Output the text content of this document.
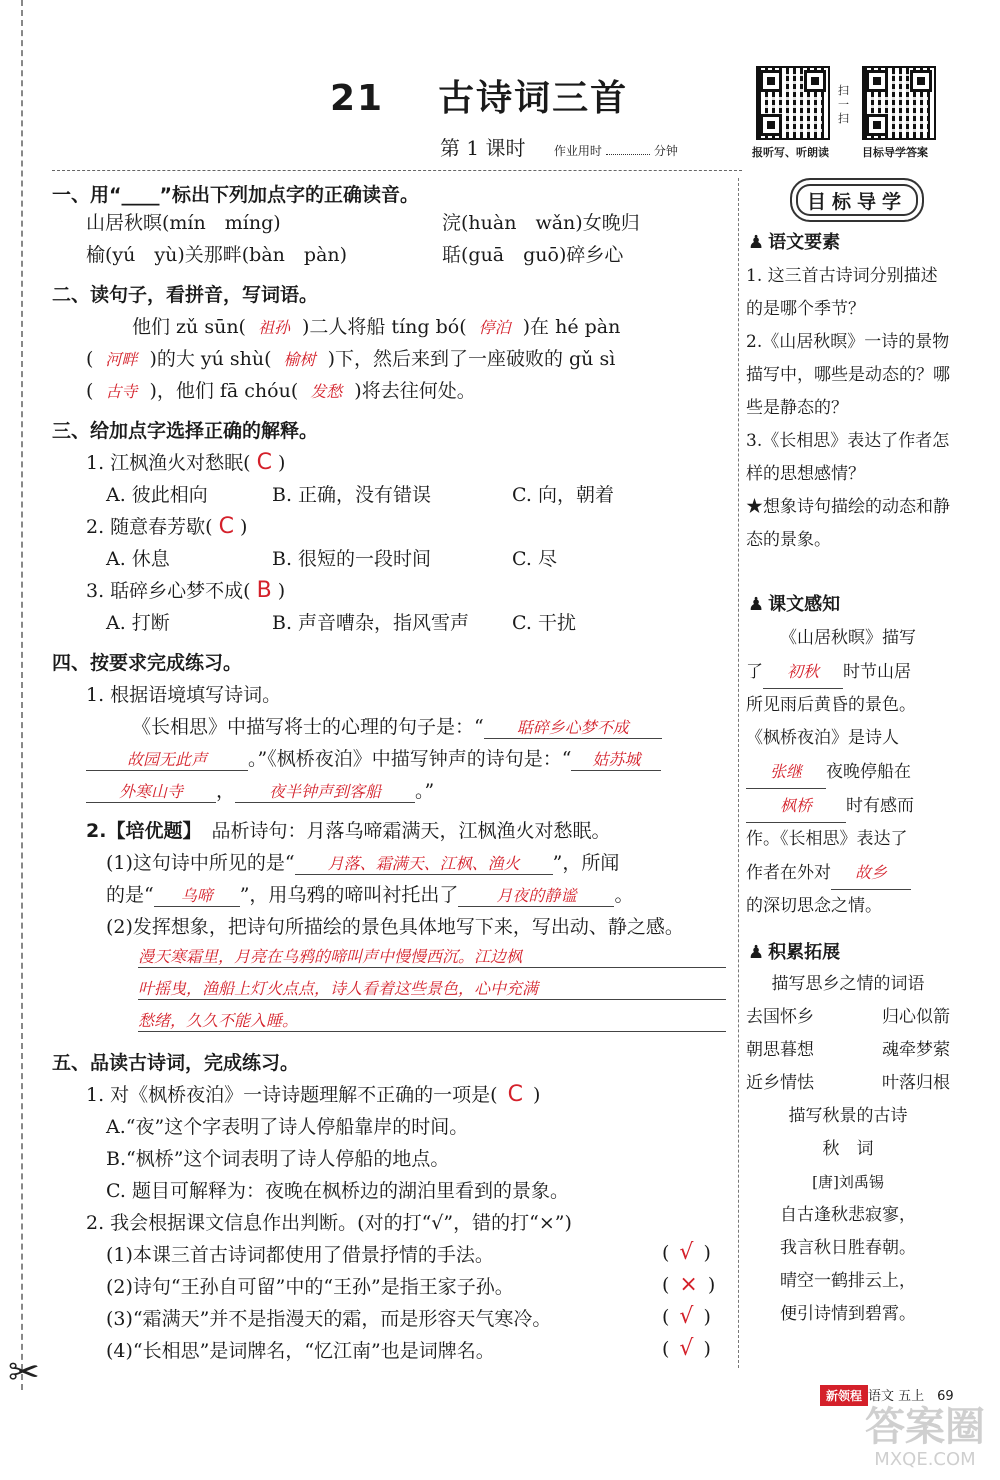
✂
21 古诗词三首
第 1 课时 作业用时	分钟
扫一扫
报听写、听朗读	目标导学答案
一、用“____”标出下列加点字的正确读音。
山居秋暝(mín　míng)	浣(huàn　wǎn)女晚归
榆(yú　yù)关那畔(bàn　pàn)	聒(guā　guō)碎乡心
二、读句子，看拼音，写词语。
他们 zǔ sūn( 祖孙 )二人将船 tíng bó( 停泊 )在 hé pàn
( 河畔 )的大 yú shù( 榆树 )下，然后来到了一座破败的 gǔ sì
( 古寺 )，他们 fā chóu( 发愁 )将去往何处。
三、给加点字选择正确的解释。
1. 江枫渔火对愁眠( C )
A. 彼此相向	B. 正确，没有错误	C. 向，朝着
2. 随意春芳歇( C )
A. 休息	B. 很短的一段时间	C. 尽
3. 聒碎乡心梦不成( B )
A. 打断	B. 声音嘈杂，指风雪声 C. 干扰
四、按要求完成练习。
1. 根据语境填写诗词。
《长相思》中描写将士的心理的句子是：“ 聒碎乡心梦不成
故园无此声 。”《枫桥夜泊》中描写钟声的诗句是：“ 姑苏城
外寒山寺 ， 夜半钟声到客船 。”
2.【培优题】 品析诗句：月落乌啼霜满天，江枫渔火对愁眠。
(1)这句诗中所见的是“ 月落、霜满天、江枫、渔火 ”，所闻
的是“ 乌啼 ”，用乌鸦的啼叫衬托出了 月夜的静谧 。
(2)发挥想象，把诗句所描绘的景色具体地写下来，写出动、静之感。
漫天寒霜里，月亮在乌鸦的啼叫声中慢慢西沉。江边枫
叶摇曳，渔船上灯火点点，诗人看着这些景色，心中充满
愁绪，久久不能入睡。
五、品读古诗词，完成练习。
1. 对《枫桥夜泊》一诗诗题理解不正确的一项是( C )
A.“夜”这个字表明了诗人停船靠岸的时间。
B.“枫桥”这个词表明了诗人停船的地点。
C. 题目可解释为：夜晚在枫桥边的湖泊里看到的景象。
2. 我会根据课文信息作出判断。(对的打“√”，错的打“×”)
(1)本课三首古诗词都使用了借景抒情的手法。	( √ )
(2)诗句“王孙自可留”中的“王孙”是指王家子孙。	( × )
(3)“霜满天”并不是指漫天的霜，而是形容天气寒冷。	( √ )
(4)“长相思”是词牌名，“忆江南”也是词牌名。	( √ )
目标导学
♟ 语文要素
1. 这三首古诗词分别描述的是哪个季节？
2.《山居秋暝》一诗的景物描写中，哪些是动态的？哪些是静态的？
3.《长相思》表达了作者怎样的思想感情？
★想象诗句描绘的动态和静态的景象。
♟ 课文感知
《山居秋暝》描写
了 初秋 时节山居
所见雨后黄昏的景色。
《枫桥夜泊》是诗人
张继 夜晚停船在
枫桥 时有感而
作。《长相思》表达了
作者在外对 故乡
的深切思念之情。
♟ 积累拓展
描写思乡之情的词语
去国怀乡	归心似箭
朝思暮想	魂牵梦萦
近乡情怯	叶落归根
描写秋景的古诗
秋　词
[唐]刘禹锡
自古逢秋悲寂寥，
我言秋日胜春朝。
晴空一鹤排云上，
便引诗情到碧霄。
新领程 语文 五上　69
答案圈
MXQE.COM
